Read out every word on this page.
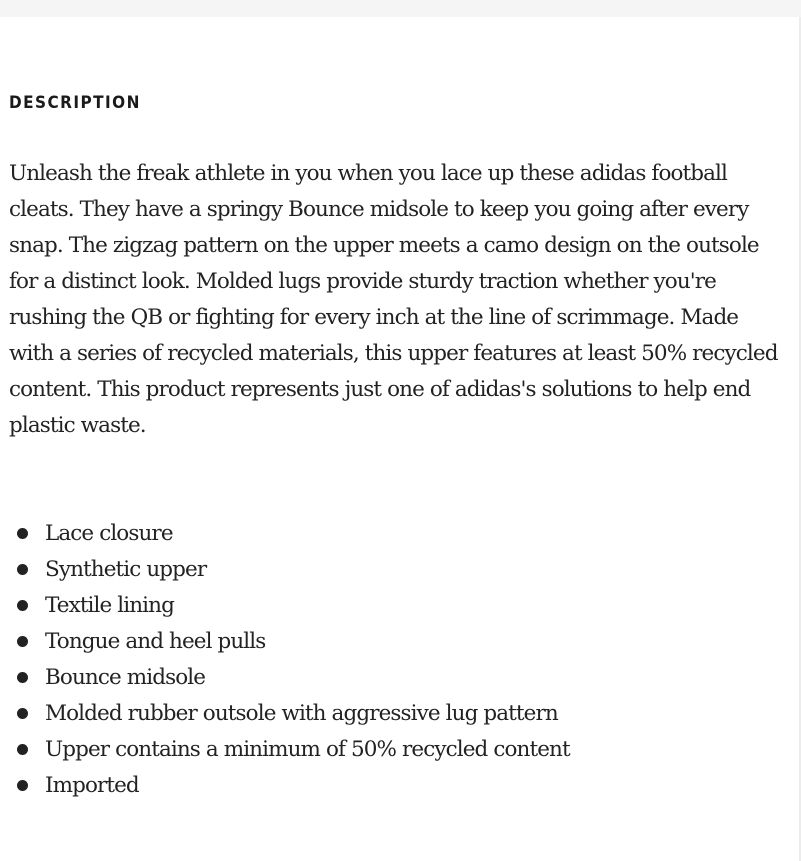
DESCRIPTION

Unleash the freak athlete in you when you lace up these adidas football cleats. They have a springy Bounce midsole to keep you going after every snap. The zigzag pattern on the upper meets a camo design on the outsole for a distinct look. Molded lugs provide sturdy traction whether you're rushing the QB or fighting for every inch at the line of scrimmage. Made with a series of recycled materials, this upper features at least 50% recycled content. This product represents just one of adidas's solutions to help end plastic waste.

Lace closure
Synthetic upper
Textile lining
Tongue and heel pulls
Bounce midsole
Molded rubber outsole with aggressive lug pattern
Upper contains a minimum of 50% recycled content
Imported
